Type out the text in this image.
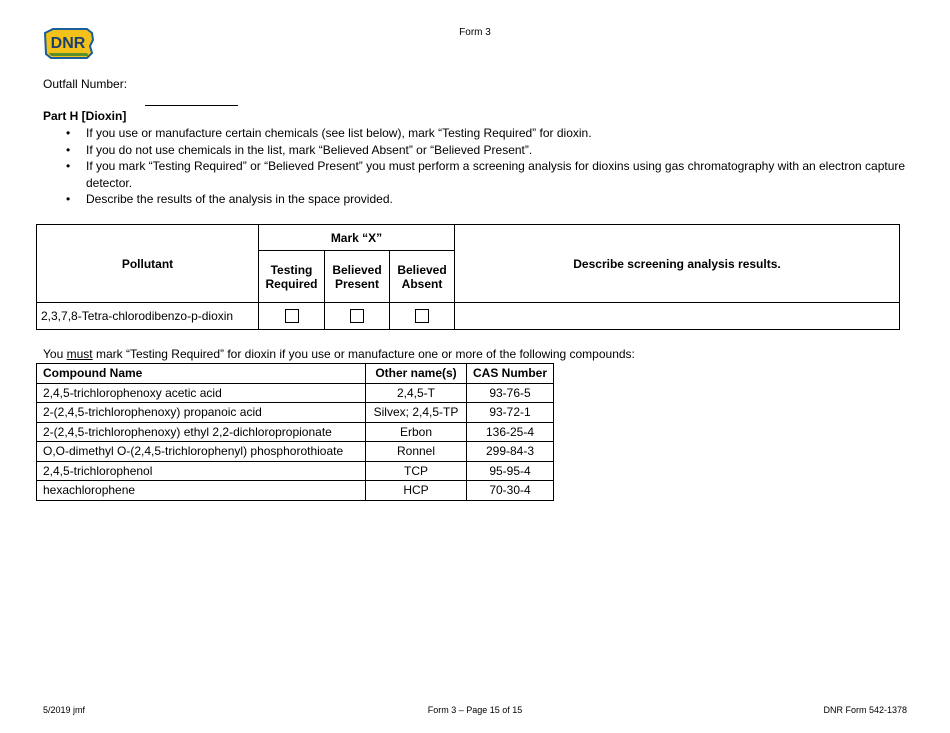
DNR
Form 3
Outfall Number:
Part H [Dioxin]
• If you use or manufacture certain chemicals (see list below), mark “Testing Required” for dioxin.
• If you do not use chemicals in the list, mark “Believed Absent” or “Believed Present”.
• If you mark “Testing Required” or “Believed Present” you must perform a screening analysis for dioxins using gas chromatography with an electron capture detector.
• Describe the results of the analysis in the space provided.
Pollutant	Mark “X”			Describe screening analysis results.
	Testing Required	Believed Present	Believed Absent	
2,3,7,8-Tetra-chlorodibenzo-p-dioxin				
You must mark “Testing Required” for dioxin if you use or manufacture one or more of the following compounds:
Compound Name	Other name(s)	CAS Number
2,4,5-trichlorophenoxy acetic acid	2,4,5-T	93-76-5
2-(2,4,5-trichlorophenoxy) propanoic acid	Silvex; 2,4,5-TP	93-72-1
2-(2,4,5-trichlorophenoxy) ethyl 2,2-dichloropropionate	Erbon	136-25-4
O,O-dimethyl O-(2,4,5-trichlorophenyl) phosphorothioate	Ronnel	299-84-3
2,4,5-trichlorophenol	TCP	95-95-4
hexachlorophene	HCP	70-30-4
5/2019 jmf	Form 3 – Page 15 of 15	DNR Form 542-1378
